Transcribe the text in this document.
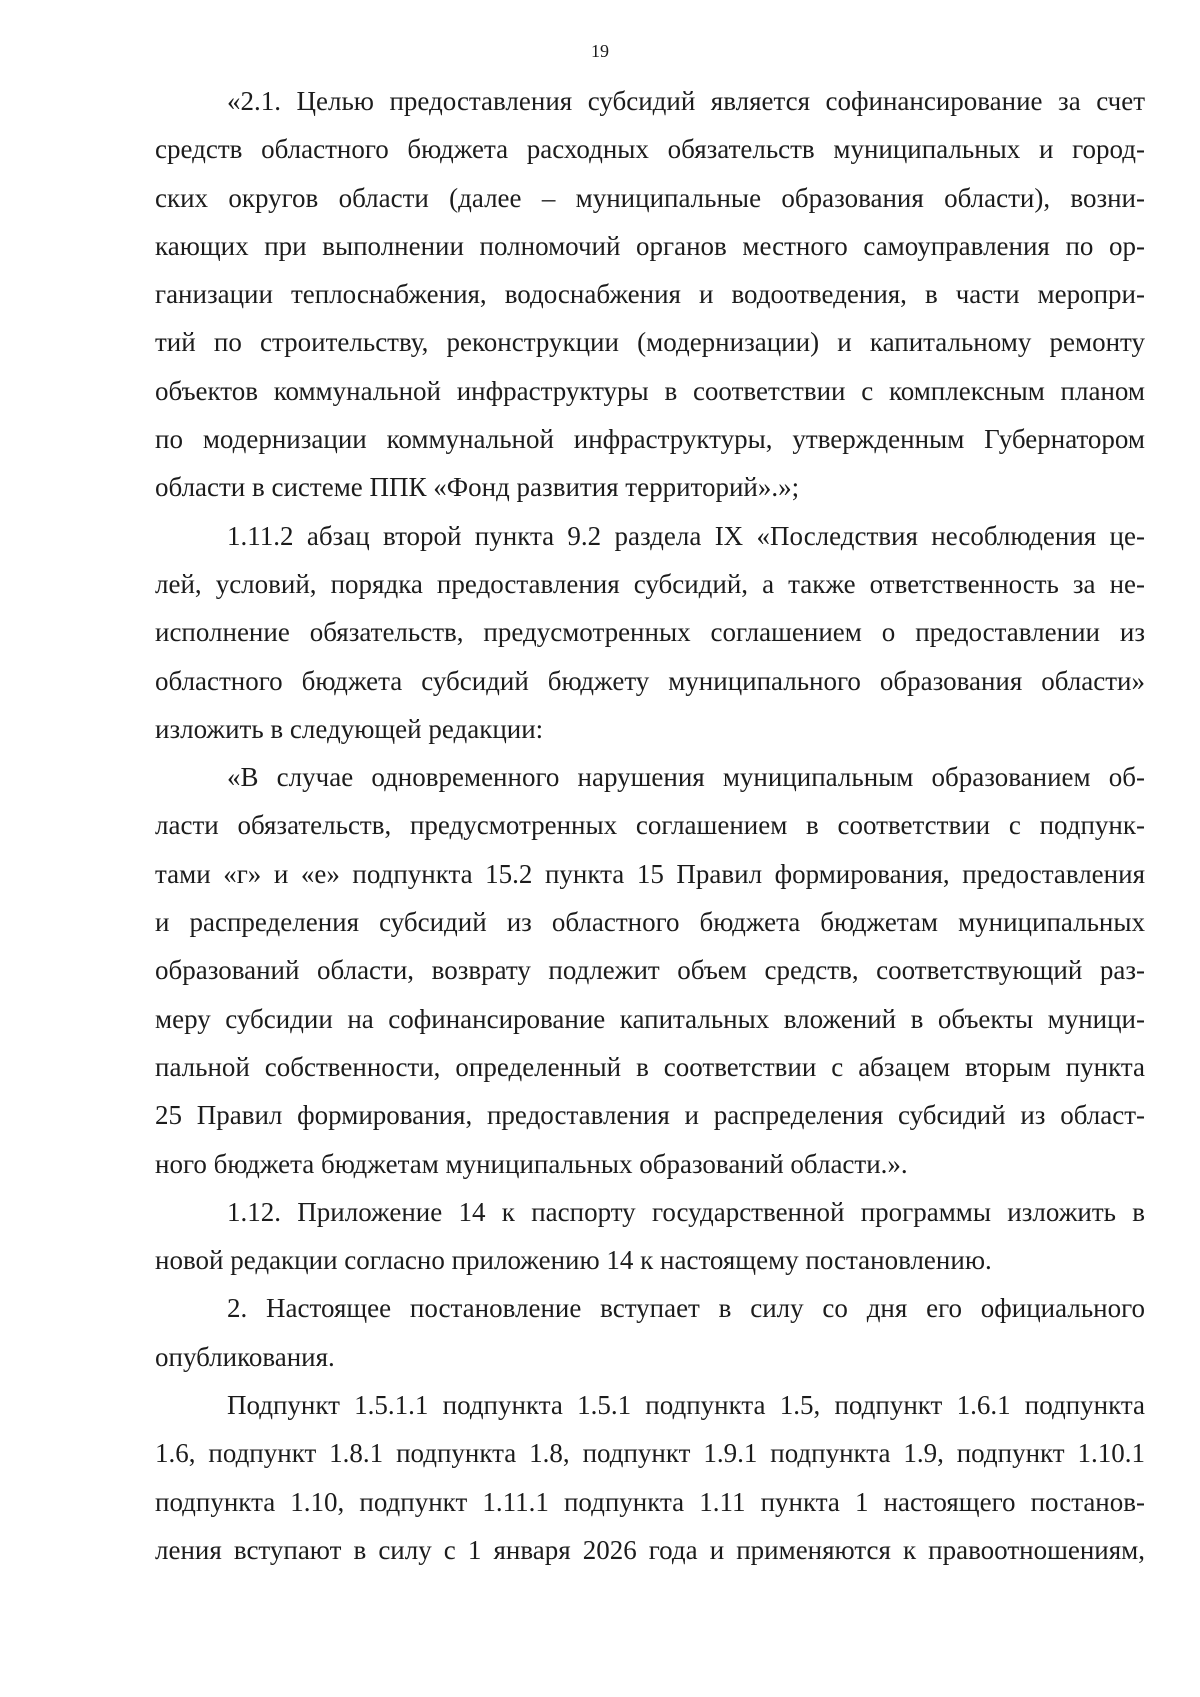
19
«2.1. Целью предоставления субсидий является софинансирование за счет
средств областного бюджета расходных обязательств муниципальных и город-
ских округов области (далее – муниципальные образования области), возни-
кающих при выполнении полномочий органов местного самоуправления по ор-
ганизации теплоснабжения, водоснабжения и водоотведения, в части меропри-
тий по строительству, реконструкции (модернизации) и капитальному ремонту
объектов коммунальной инфраструктуры в соответствии с комплексным планом
по модернизации коммунальной инфраструктуры, утвержденным Губернатором
области в системе ППК «Фонд развития территорий».»;
1.11.2 абзац второй пункта 9.2 раздела IX «Последствия несоблюдения це-
лей, условий, порядка предоставления субсидий, а также ответственность за не-
исполнение обязательств, предусмотренных соглашением о предоставлении из
областного бюджета субсидий бюджету муниципального образования области»
изложить в следующей редакции:
«В случае одновременного нарушения муниципальным образованием об-
ласти обязательств, предусмотренных соглашением в соответствии с подпунк-
тами «г» и «е» подпункта 15.2 пункта 15 Правил формирования, предоставления
и распределения субсидий из областного бюджета бюджетам муниципальных
образований области, возврату подлежит объем средств, соответствующий раз-
меру субсидии на софинансирование капитальных вложений в объекты муници-
пальной собственности, определенный в соответствии с абзацем вторым пункта
25 Правил формирования, предоставления и распределения субсидий из област-
ного бюджета бюджетам муниципальных образований области.».
1.12. Приложение 14 к паспорту государственной программы изложить в
новой редакции согласно приложению 14 к настоящему постановлению.
2. Настоящее постановление вступает в силу со дня его официального
опубликования.
Подпункт 1.5.1.1 подпункта 1.5.1 подпункта 1.5, подпункт 1.6.1 подпункта
1.6, подпункт 1.8.1 подпункта 1.8, подпункт 1.9.1 подпункта 1.9, подпункт 1.10.1
подпункта 1.10, подпункт 1.11.1 подпункта 1.11 пункта 1 настоящего постанов-
ления вступают в силу с 1 января 2026 года и применяются к правоотношениям,
